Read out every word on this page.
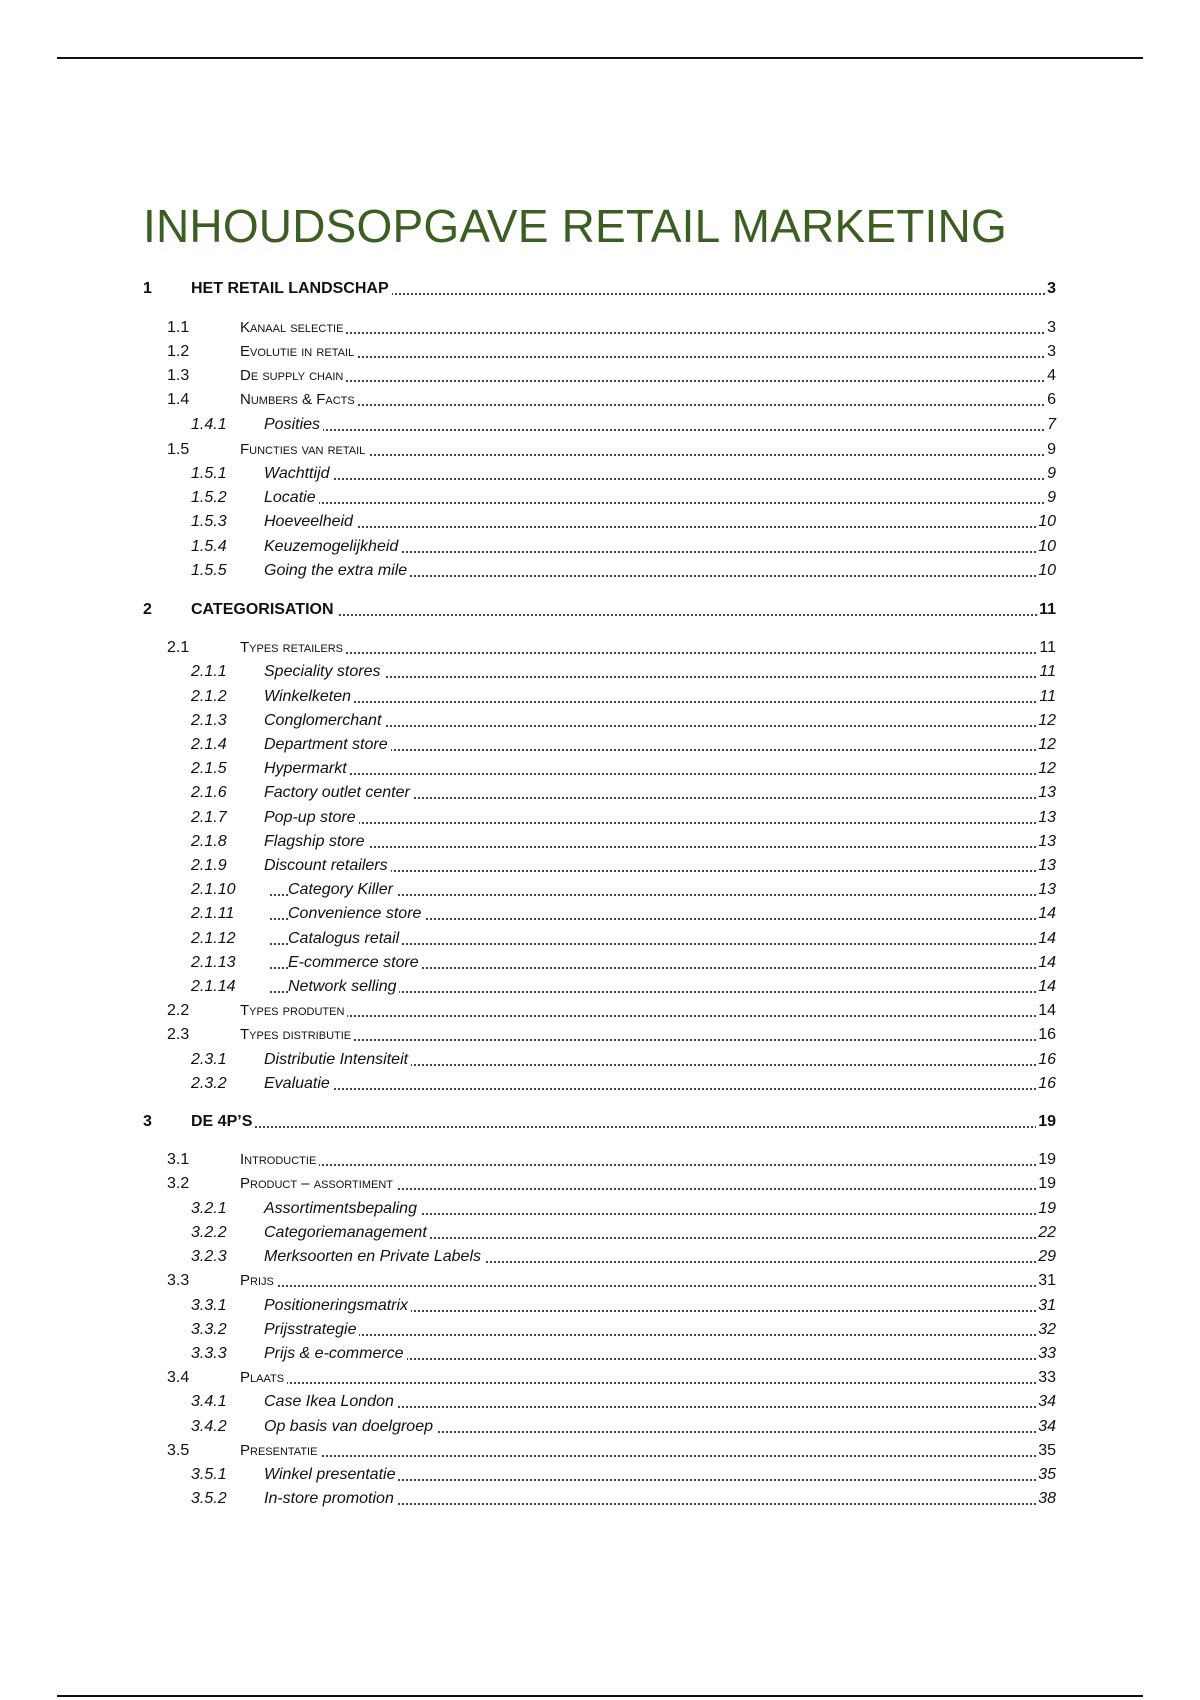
INHOUDSOPGAVE RETAIL MARKETING
1 HET RETAIL LANDSCHAP	3
1.1	Kanaal selectie	3
1.2	Evolutie in retail	3
1.3	De supply chain	4
1.4	Numbers & Facts	6
1.4.1 Posities	7
1.5	Functies van retail	9
1.5.1 Wachttijd	9
1.5.2 Locatie	9
1.5.3 Hoeveelheid	10
1.5.4 Keuzemogelijkheid	10
1.5.5 Going the extra mile	10
2 CATEGORISATION	11
2.1	Types retailers	11
2.1.1 Speciality stores	11
2.1.2 Winkelketen	11
2.1.3 Conglomerchant	12
2.1.4 Department store	12
2.1.5 Hypermarkt	12
2.1.6 Factory outlet center	13
2.1.7 Pop-up store	13
2.1.8 Flagship store	13
2.1.9 Discount retailers	13
2.1.10	Category Killer	13
2.1.11	Convenience store	14
2.1.12	Catalogus retail	14
2.1.13	E-commerce store	14
2.1.14	Network selling	14
2.2	Types produten	14
2.3	Types distributie	16
2.3.1 Distributie Intensiteit	16
2.3.2 Evaluatie	16
3 DE 4P’S	19
3.1	Introductie	19
3.2	Product – assortiment	19
3.2.1 Assortimentsbepaling	19
3.2.2 Categoriemanagement	22
3.2.3 Merksoorten en Private Labels	29
3.3	Prijs	31
3.3.1 Positioneringsmatrix	31
3.3.2 Prijsstrategie	32
3.3.3 Prijs & e-commerce	33
3.4	Plaats	33
3.4.1 Case Ikea London	34
3.4.2 Op basis van doelgroep	34
3.5	Presentatie	35
3.5.1 Winkel presentatie	35
3.5.2 In-store promotion	38
